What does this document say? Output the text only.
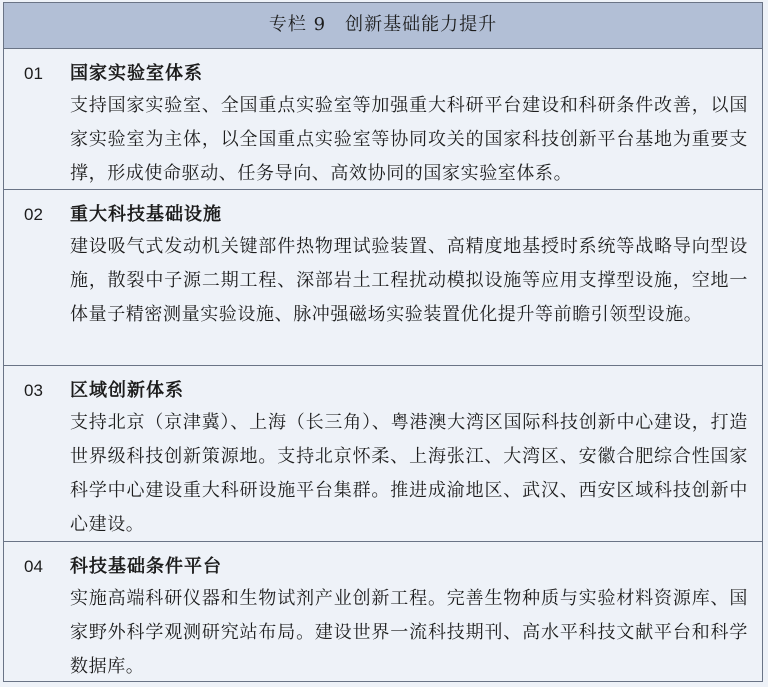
专栏 9　创新基础能力提升
01 国家实验室体系
支持国家实验室、全国重点实验室等加强重大科研平台建设和科研条件改善，以国家实验室为主体，以全国重点实验室等协同攻关的国家科技创新平台基地为重要支撑，形成使命驱动、任务导向、高效协同的国家实验室体系。
02 重大科技基础设施
建设吸气式发动机关键部件热物理试验装置、高精度地基授时系统等战略导向型设施，散裂中子源二期工程、深部岩土工程扰动模拟设施等应用支撑型设施，空地一体量子精密测量实验设施、脉冲强磁场实验装置优化提升等前瞻引领型设施。
03 区域创新体系
支持北京（京津冀）、上海（长三角）、粤港澳大湾区国际科技创新中心建设，打造世界级科技创新策源地。支持北京怀柔、上海张江、大湾区、安徽合肥综合性国家科学中心建设重大科研设施平台集群。推进成渝地区、武汉、西安区域科技创新中心建设。
04 科技基础条件平台
实施高端科研仪器和生物试剂产业创新工程。完善生物种质与实验材料资源库、国家野外科学观测研究站布局。建设世界一流科技期刊、高水平科技文献平台和科学数据库。
